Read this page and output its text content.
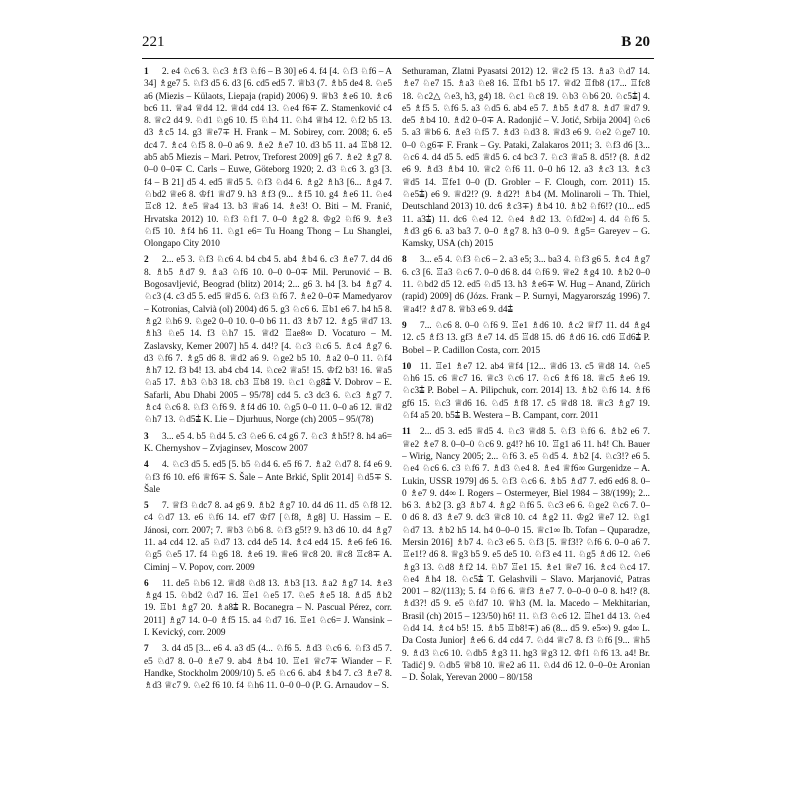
221	B 20

1 2. e4 ♘c6 3. ♘c3 ♗f3 ♘f6 – B 30] e6 4. f4 [4. ♘f3 ♘f6 – A 34] ♗ge7 5. ♘f3 d5 6. d3 [6. cd5 ed5 7. ♕b3 (7. ♗b5 de4 8. ♘e5 a6 (Miezis – Külaots, Liepaja (rapid) 2006) 9. ♕b3 ♗e6 10. ♗c6 bc6 11. ♕a4 ♕d4 12. ♕d4 cd4 13. ♘e4 f6∓ Z. Stamenković c4 8. ♕c2 d4 9. ♘d1 ♘g6 10. f5 ♘h4 11. ♘h4 ♕h4 12. ♘f2 b5 13. d3 ♗c5 14. g3 ♕e7∓ H. Frank – M. Sobirey, corr. 2008; 6. e5 dc4 7. ♗c4 ♘f5 8. 0–0 a6 9. ♗e2 ♗e7 10. d3 b5 11. a4 ♖b8 12. ab5 ab5 Miezis – Mari. Petrov, Treforest 2009] g6 7. ♗e2 ♗g7 8. 0–0 0–0∓ C. Carls – Euwe, Göteborg 1920; 2. d3 ♘c6 3. g3 [3. f4 – B 21] d5 4. ed5 ♕d5 5. ♘f3 ♘d4 6. ♗g2 ♗h3 [6... ♗g4 7. ♘bd2 ♕e6 8. ♔f1 ♕d7 9. h3 ♗f3 (9... ♗f5 10. g4 ♗e6 11. ♘e4 ♖c8 12. ♗e5 ♕a4 13. b3 ♕a6 14. ♗e3! O. Biti – M. Franić, Hrvatska 2012) 10. ♘f3 ♘f1 7. 0–0 ♗g2 8. ♔g2 ♘f6 9. ♗e3 ♘f5 10. ♗f4 h6 11. ♘g1 e6= Tu Hoang Thong – Lu Shanglei, Olongapo City 2010

2 2... e5 3. ♘f3 ♘c6 4. b4 cb4 5. ab4 ♗b4 6. c3 ♗e7 7. d4 d6 8. ♗b5 ♗d7 9. ♗a3 ♘f6 10. 0–0 0–0∓ Mil. Perunović – B. Bogosavljević, Beograd (blitz) 2014; 2... g6 3. h4 [3. b4 ♗g7 4. ♘c3 (4. c3 d5 5. ed5 ♕d5 6. ♘f3 ♘f6 7. ♗e2 0–0∓ Mamedyarov – Kotronias, Calvià (ol) 2004) d6 5. g3 ♘c6 6. ♖b1 e6 7. h4 h5 8. ♗g2 ♘h6 9. ♘ge2 0–0 10. 0–0 b6 11. d3 ♗b7 12. ♗g5 ♕d7 13. ♗h3 ♘e5 14. f3 ♘h7 15. ♕d2 ♖ae8∞ D. Vocaturo – M. Zaslavsky, Kemer 2007] h5 4. d4!? [4. ♘c3 ♘c6 5. ♗c4 ♗g7 6. d3 ♘f6 7. ♗g5 d6 8. ♕d2 a6 9. ♘ge2 b5 10. ♗a2 0–0 11. ♘f4 ♗h7 12. f3 b4! 13. ab4 cb4 14. ♘ce2 ♕a5! 15. ♔f2 b3! 16. ♕a5 ♘a5 17. ♗b3 ♘b3 18. cb3 ♖b8 19. ♘c1 ♘g8⩲ V. Dobrov – E. Safarli, Abu Dhabi 2005 – 95/78] cd4 5. c3 dc3 6. ♘c3 ♗g7 7. ♗c4 ♘c6 8. ♘f3 ♘f6 9. ♗f4 d6 10. ♘g5 0–0 11. 0–0 a6 12. ♕d2 ♘h7 13. ♘d5⩲ K. Lie – Djurhuus, Norge (ch) 2005 – 95/(78)

3 3... e5 4. b5 ♘d4 5. c3 ♘e6 6. c4 g6 7. ♘c3 ♗h5!? 8. h4 a6= K. Chernyshov – Zvjaginsev, Moscow 2007

4 4. ♘c3 d5 5. ed5 [5. b5 ♘d4 6. e5 f6 7. ♗a2 ♘d7 8. f4 e6 9. ♘f3 f6 10. ef6 ♕f6∓ S. Šale – Ante Brkić, Split 2014] ♘d5∓ S. Šale

5 7. ♕f3 ♘dc7 8. a4 g6 9. ♗b2 ♗g7 10. d4 d6 11. d5 ♘f8 12. c4 ♘d7 13. e6 ♘f6 14. ef7 ♔f7 [♘f8, ♗g8] U. Hassim – E. Jánosi, corr. 2007; 7. ♕b3 ♘b6 8. ♘f3 g5!? 9. h3 d6 10. d4 ♗g7 11. a4 cd4 12. a5 ♘d7 13. cd4 de5 14. ♗c4 ed4 15. ♗e6 fe6 16. ♘g5 ♘e5 17. f4 ♘g6 18. ♗e6 19. ♕e6 ♕c8 20. ♕c8 ♖c8∓ A. Ciminj – V. Popov, corr. 2009

6 11. de5 ♘b6 12. ♕d8 ♘d8 13. ♗b3 [13. ♗a2 ♗g7 14. ♗e3 ♗g4 15. ♘bd2 ♘d7 16. ♖e1 ♘e5 17. ♘e5 ♗e5 18. ♗d5 ♗b2 19. ♖b1 ♗g7 20. ♗a8⩲ R. Bocanegra – N. Pascual Pérez, corr. 2011] ♗g7 14. 0–0 ♗f5 15. a4 ♘d7 16. ♖e1 ♘c6= J. Wansink – I. Kevický, corr. 2009

7 3. d4 d5 [3... e6 4. a3 d5 (4... ♘f6 5. ♗d3 ♘c6 6. ♘f3 d5 7. e5 ♘d7 8. 0–0 ♗e7 9. ab4 ♗b4 10. ♖e1 ♕c7∓ Wiander – F. Handke, Stockholm 2009/10) 5. e5 ♘c6 6. ab4 ♗b4 7. c3 ♗e7 8. ♗d3 ♕c7 9. ♘e2 f6 10. f4 ♘h6 11. 0–0 0–0 (P. G. Arnaudov – S.

Sethuraman, Zlatni Pyasatsi 2012) 12. ♕c2 f5 13. ♗a3 ♘d7 14. ♗e7 ♘e7 15. ♗a3 ♘e8 16. ♖fb1 b5 17. ♕d2 ♖fb8 (17... ♖fc8 18. ♘c2△ ♘e3, h3, g4) 18. ♘c1 ♘c8 19. ♘b3 ♘b6 20. ♘c5⩲] 4. e5 ♗f5 5. ♘f6 5. a3 ♘d5 6. ab4 e5 7. ♗b5 ♗d7 8. ♗d7 ♕d7 9. de5 ♗b4 10. ♗d2 0–0∓ A. Radonjić – V. Jotić, Srbija 2004] ♘c6 5. a3 ♕b6 6. ♗e3 ♘f5 7. ♗d3 ♘d3 8. ♕d3 e6 9. ♘e2 ♘ge7 10. 0–0 ♘g6∓ F. Frank – Gy. Pataki, Zalakaros 2011; 3. ♘f3 d6 [3... ♘c6 4. d4 d5 5. ed5 ♕d5 6. c4 bc3 7. ♘c3 ♕a5 8. d5!? (8. ♗d2 e6 9. ♗d3 ♗b4 10. ♕c2 ♘f6 11. 0–0 h6 12. a3 ♗c3 13. ♗c3 ♕d5 14. ♖fe1 0–0 (D. Grobler – F. Clough, corr. 2011) 15. ♘e5⩲) e6 9. ♕d2!? (9. ♗d2?! ♗b4 (M. Molinaroli – Th. Thiel, Deutschland 2013) 10. dc6 ♗c3∓) ♗b4 10. ♗b2 ♘f6!? (10... ed5 11. a3⩲) 11. dc6 ♘e4 12. ♘e4 ♗d2 13. ♘fd2∞] 4. d4 ♘f6 5. ♗d3 g6 6. a3 ba3 7. 0–0 ♗g7 8. h3 0–0 9. ♗g5= Gareyev – G. Kamsky, USA (ch) 2015

8 3... e5 4. ♘f3 ♘c6 – 2. a3 e5; 3... ba3 4. ♘f3 g6 5. ♗c4 ♗g7 6. c3 [6. ♖a3 ♘c6 7. 0–0 d6 8. d4 ♘f6 9. ♕e2 ♗g4 10. ♗b2 0–0 11. ♘bd2 d5 12. ed5 ♘d5 13. h3 ♗e6∓ W. Hug – Anand, Zürich (rapid) 2009] d6 (Józs. Frank – P. Surnyi, Magyarország 1996) 7. ♕a4!? ♗d7 8. ♕b3 e6 9. d4⩲

9 7... ♘c6 8. 0–0 ♘f6 9. ♖e1 ♗d6 10. ♗c2 ♕f7 11. d4 ♗g4 12. c5 ♗f3 13. gf3 ♗e7 14. d5 ♖d8 15. d6 ♗d6 16. cd6 ♖d6⩲ P. Bobel – P. Cadillon Costa, corr. 2015

10 11. ♖e1 ♗e7 12. ab4 ♕f4 [12... ♕d6 13. c5 ♕d8 14. ♘e5 ♘h6 15. c6 ♕c7 16. ♕c3 ♘c6 17. ♘c6 ♗f6 18. ♕c5 ♗e6 19. ♘c3⩲ P. Bobel – A. Pilipchuk, corr. 2014] 13. ♗b2 ♘f6 14. ♗f6 gf6 15. ♘c3 ♕d6 16. ♘d5 ♗f8 17. c5 ♕d8 18. ♕c3 ♗g7 19. ♘f4 a5 20. b5⩲ B. Westera – B. Campant, corr. 2011

11 2... d5 3. ed5 ♕d5 4. ♘c3 ♕d8 5. ♘f3 ♘f6 6. ♗b2 e6 7. ♕e2 ♗e7 8. 0–0–0 ♘c6 9. g4!? h6 10. ♖g1 a6 11. h4! Ch. Bauer – Wirig, Nancy 2005; 2... ♘f6 3. e5 ♘d5 4. ♗b2 [4. ♘c3!? e6 5. ♘e4 ♘c6 6. c3 ♘f6 7. ♗d3 ♘e4 8. ♗e4 ♕f6∞ Gurgenidze – A. Lukin, USSR 1979] d6 5. ♘f3 ♘c6 6. ♗b5 ♗d7 7. ed6 ed6 8. 0–0 ♗e7 9. d4∞ I. Rogers – Ostermeyer, Biel 1984 – 38/(199); 2... b6 3. ♗b2 [3. g3 ♗b7 4. ♗g2 ♘f6 5. ♘c3 e6 6. ♘ge2 ♘c6 7. 0–0 d6 8. d3 ♗e7 9. dc3 ♕c8 10. c4 ♗g2 11. ♔g2 ♕e7 12. ♘g1 ♘d7 13. ♗b2 h5 14. h4 0–0–0 15. ♕c1∞ Ib. Tofan – Quparadze, Mersin 2016] ♗b7 4. ♘c3 e6 5. ♘f3 [5. ♕f3!? ♘f6 6. 0–0 a6 7. ♖e1!? d6 8. ♕g3 b5 9. e5 de5 10. ♘f3 e4 11. ♘g5 ♗d6 12. ♘e6 ♗g3 13. ♘d8 ♗f2 14. ♘b7 ♖e1 15. ♗e1 ♕e7 16. ♗c4 ♘c4 17. ♘e4 ♗h4 18. ♘c5⩲ T. Gelashvili – Slavo. Marjanović, Patras 2001 – 82/(113); 5. f4 ♘f6 6. ♕f3 ♗e7 7. 0–0–0 0–0 8. h4!? (8. ♗d3?! d5 9. e5 ♘fd7 10. ♕h3 (M. la. Macedo – Mekhitarian, Brasil (ch) 2015 – 123/50) h6! 11. ♘f3 ♘c6 12. ♖he1 d4 13. ♘e4 ♘d4 14. ♗c4 b5! 15. ♗b5 ♖b8!∓) a6 (8... d5 9. e5∞) 9. g4∞ L. Da Costa Junior] ♗e6 6. d4 cd4 7. ♘d4 ♕c7 8. f3 ♘f6 [9... ♕h5 9. ♗d3 ♘c6 10. ♘db5 ♗g3 11. hg3 ♕g3 12. ♔f1 ♘f6 13. a4! Br. Tadić] 9. ♘db5 ♕b8 10. ♕e2 a6 11. ♘d4 d6 12. 0–0–0± Aronian – D. Šolak, Yerevan 2000 – 80/158
